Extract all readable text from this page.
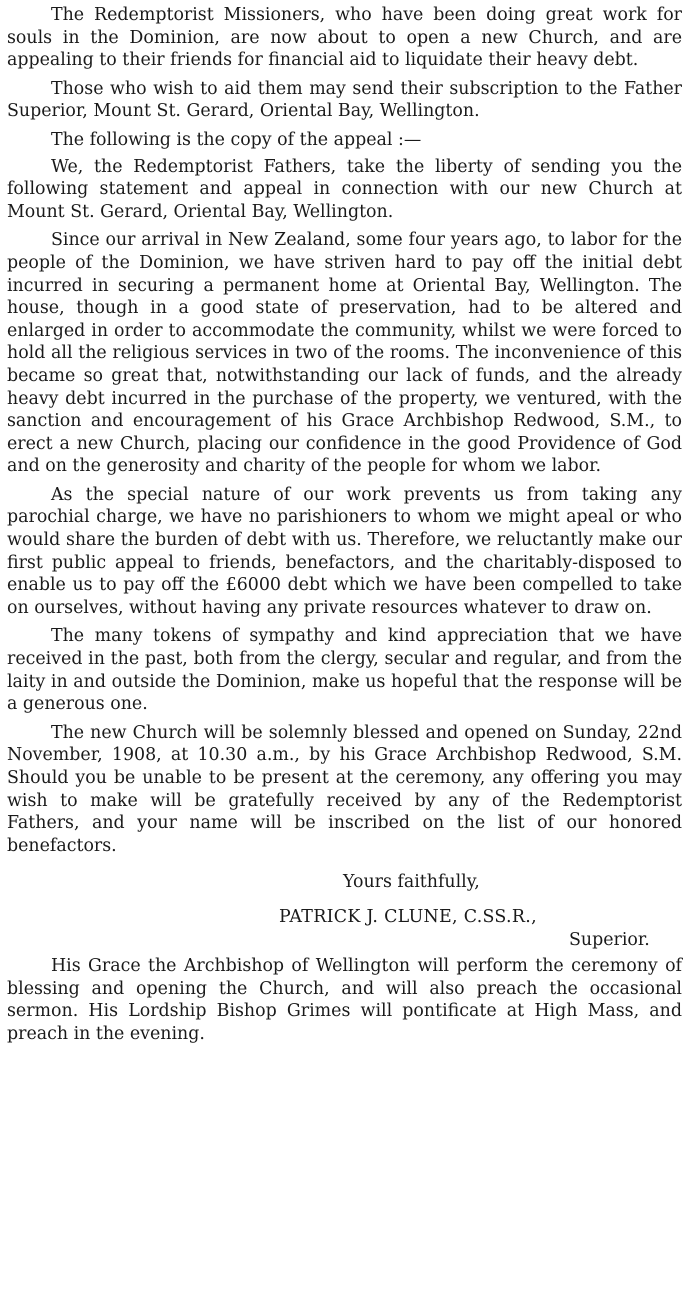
The Redemptorist Missioners, who have been doing great work for souls in the Dominion, are now about to open a new Church, and are appealing to their friends for financial aid to liquidate their heavy debt.

Those who wish to aid them may send their subscription to the Father Superior, Mount St. Gerard, Oriental Bay, Wellington.

The following is the copy of the appeal :—

We, the Redemptorist Fathers, take the liberty of sending you the following statement and appeal in connection with our new Church at Mount St. Gerard, Oriental Bay, Wellington.

Since our arrival in New Zealand, some four years ago, to labor for the people of the Dominion, we have striven hard to pay off the initial debt incurred in securing a permanent home at Oriental Bay, Wellington. The house, though in a good state of preservation, had to be altered and enlarged in order to accommodate the community, whilst we were forced to hold all the religious services in two of the rooms. The inconvenience of this became so great that, notwithstanding our lack of funds, and the already heavy debt incurred in the purchase of the property, we ventured, with the sanction and encouragement of his Grace Archbishop Redwood, S.M., to erect a new Church, placing our confidence in the good Providence of God and on the generosity and charity of the people for whom we labor.

As the special nature of our work prevents us from taking any parochial charge, we have no parishioners to whom we might apeal or who would share the burden of debt with us. Therefore, we reluctantly make our first public appeal to friends, benefactors, and the charitably-disposed to enable us to pay off the £6000 debt which we have been compelled to take on ourselves, without having any private resources whatever to draw on.

The many tokens of sympathy and kind appreciation that we have received in the past, both from the clergy, secular and regular, and from the laity in and outside the Dominion, make us hopeful that the response will be a generous one.

The new Church will be solemnly blessed and opened on Sunday, 22nd November, 1908, at 10.30 a.m., by his Grace Archbishop Redwood, S.M. Should you be unable to be present at the ceremony, any offering you may wish to make will be gratefully received by any of the Redemptorist Fathers, and your name will be inscribed on the list of our honored benefactors.

Yours faithfully,
PATRICK J. CLUNE, C.SS.R.,
Superior.

His Grace the Archbishop of Wellington will perform the ceremony of blessing and opening the Church, and will also preach the occasional sermon. His Lordship Bishop Grimes will pontificate at High Mass, and preach in the evening.
